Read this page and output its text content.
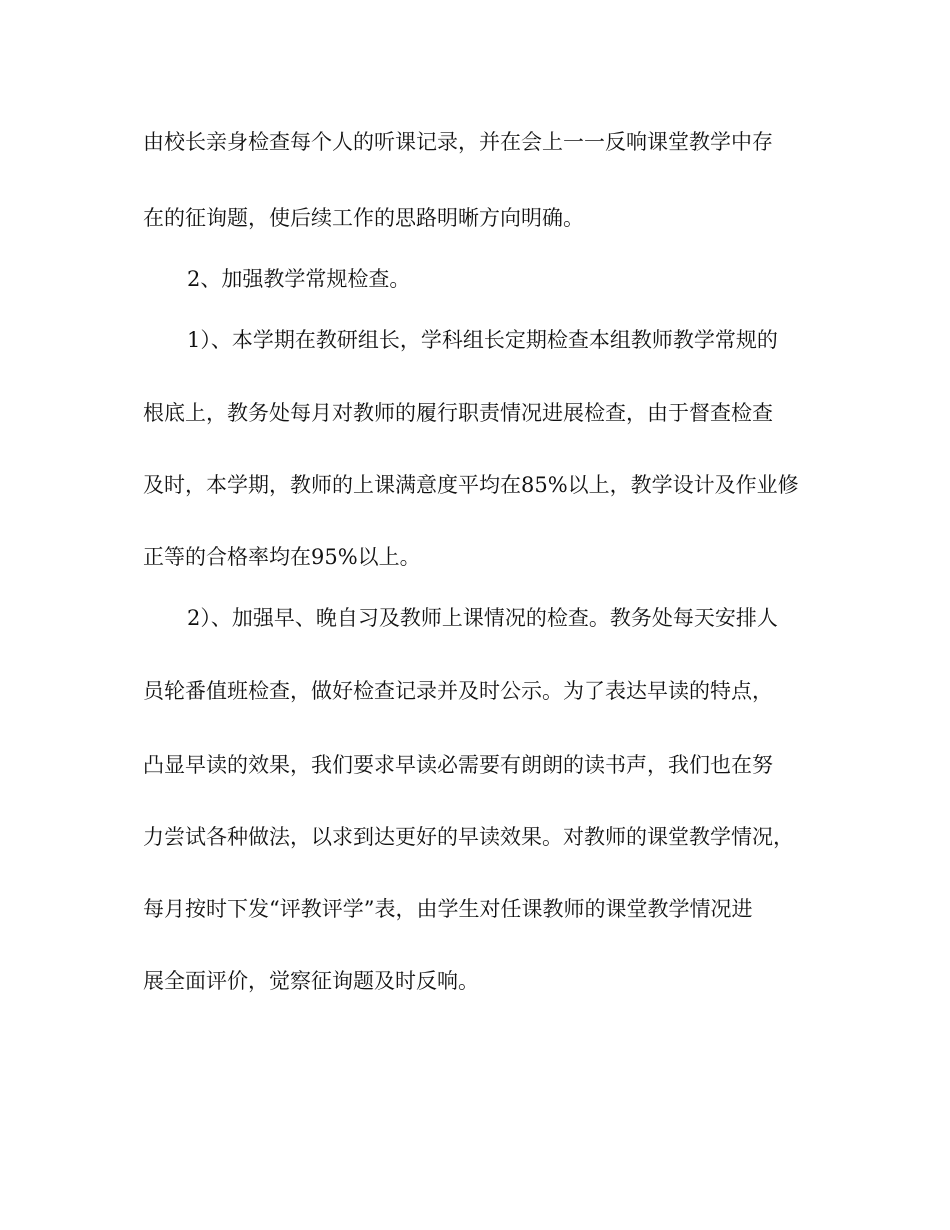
由校长亲身检查每个人的听课记录，并在会上一一反响课堂教学中存
在的征询题，使后续工作的思路明晰方向明确。
2、加强教学常规检查。
1）、本学期在教研组长，学科组长定期检查本组教师教学常规的
根底上，教务处每月对教师的履行职责情况进展检查，由于督查检查
及时，本学期，教师的上课满意度平均在85%以上，教学设计及作业修
正等的合格率均在95%以上。
2）、加强早、晚自习及教师上课情况的检查。教务处每天安排人
员轮番值班检查，做好检查记录并及时公示。为了表达早读的特点，
凸显早读的效果，我们要求早读必需要有朗朗的读书声，我们也在努
力尝试各种做法，以求到达更好的早读效果。对教师的课堂教学情况，
每月按时下发“评教评学”表，由学生对任课教师的课堂教学情况进
展全面评价，觉察征询题及时反响。
